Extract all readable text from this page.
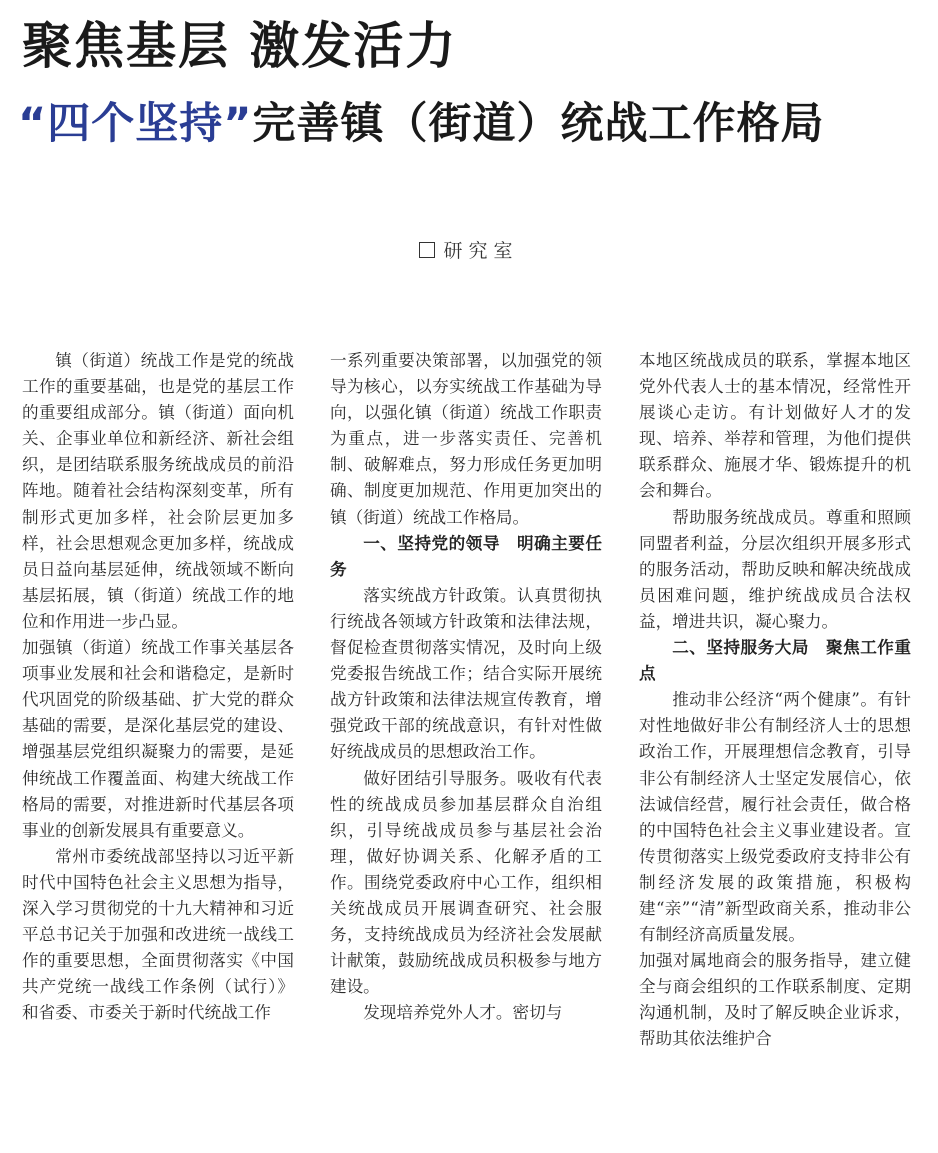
聚焦基层 激发活力
“四个坚持”完善镇（街道）统战工作格局
研究室

镇（街道）统战工作是党的统战工作的重要基础，也是党的基层工作的重要组成部分。镇（街道）面向机关、企事业单位和新经济、新社会组织，是团结联系服务统战成员的前沿阵地。随着社会结构深刻变革，所有制形式更加多样，社会阶层更加多样，社会思想观念更加多样，统战成员日益向基层延伸，统战领域不断向基层拓展，镇（街道）统战工作的地位和作用进一步凸显。

加强镇（街道）统战工作事关基层各项事业发展和社会和谐稳定，是新时代巩固党的阶级基础、扩大党的群众基础的需要，是深化基层党的建设、增强基层党组织凝聚力的需要，是延伸统战工作覆盖面、构建大统战工作格局的需要，对推进新时代基层各项事业的创新发展具有重要意义。

常州市委统战部坚持以习近平新时代中国特色社会主义思想为指导，深入学习贯彻党的十九大精神和习近平总书记关于加强和改进统一战线工作的重要思想，全面贯彻落实《中国共产党统一战线工作条例（试行）》和省委、市委关于新时代统战工作

一系列重要决策部署，以加强党的领导为核心，以夯实统战工作基础为导向，以强化镇（街道）统战工作职责为重点，进一步落实责任、完善机制、破解难点，努力形成任务更加明确、制度更加规范、作用更加突出的镇（街道）统战工作格局。

一、坚持党的领导　明确主要任务

落实统战方针政策。认真贯彻执行统战各领域方针政策和法律法规，督促检查贯彻落实情况，及时向上级党委报告统战工作；结合实际开展统战方针政策和法律法规宣传教育，增强党政干部的统战意识，有针对性做好统战成员的思想政治工作。

做好团结引导服务。吸收有代表性的统战成员参加基层群众自治组织，引导统战成员参与基层社会治理，做好协调关系、化解矛盾的工作。围绕党委政府中心工作，组织相关统战成员开展调查研究、社会服务，支持统战成员为经济社会发展献计献策，鼓励统战成员积极参与地方建设。

发现培养党外人才。密切与

本地区统战成员的联系，掌握本地区党外代表人士的基本情况，经常性开展谈心走访。有计划做好人才的发现、培养、举荐和管理，为他们提供联系群众、施展才华、锻炼提升的机会和舞台。

帮助服务统战成员。尊重和照顾同盟者利益，分层次组织开展多形式的服务活动，帮助反映和解决统战成员困难问题，维护统战成员合法权益，增进共识，凝心聚力。

二、坚持服务大局　聚焦工作重点

推动非公经济“两个健康”。有针对性地做好非公有制经济人士的思想政治工作，开展理想信念教育，引导非公有制经济人士坚定发展信心，依法诚信经营，履行社会责任，做合格的中国特色社会主义事业建设者。宣传贯彻落实上级党委政府支持非公有制经济发展的政策措施，积极构建“亲”“清”新型政商关系，推动非公有制经济高质量发展。

加强对属地商会的服务指导，建立健全与商会组织的工作联系制度、定期沟通机制，及时了解反映企业诉求，帮助其依法维护合
